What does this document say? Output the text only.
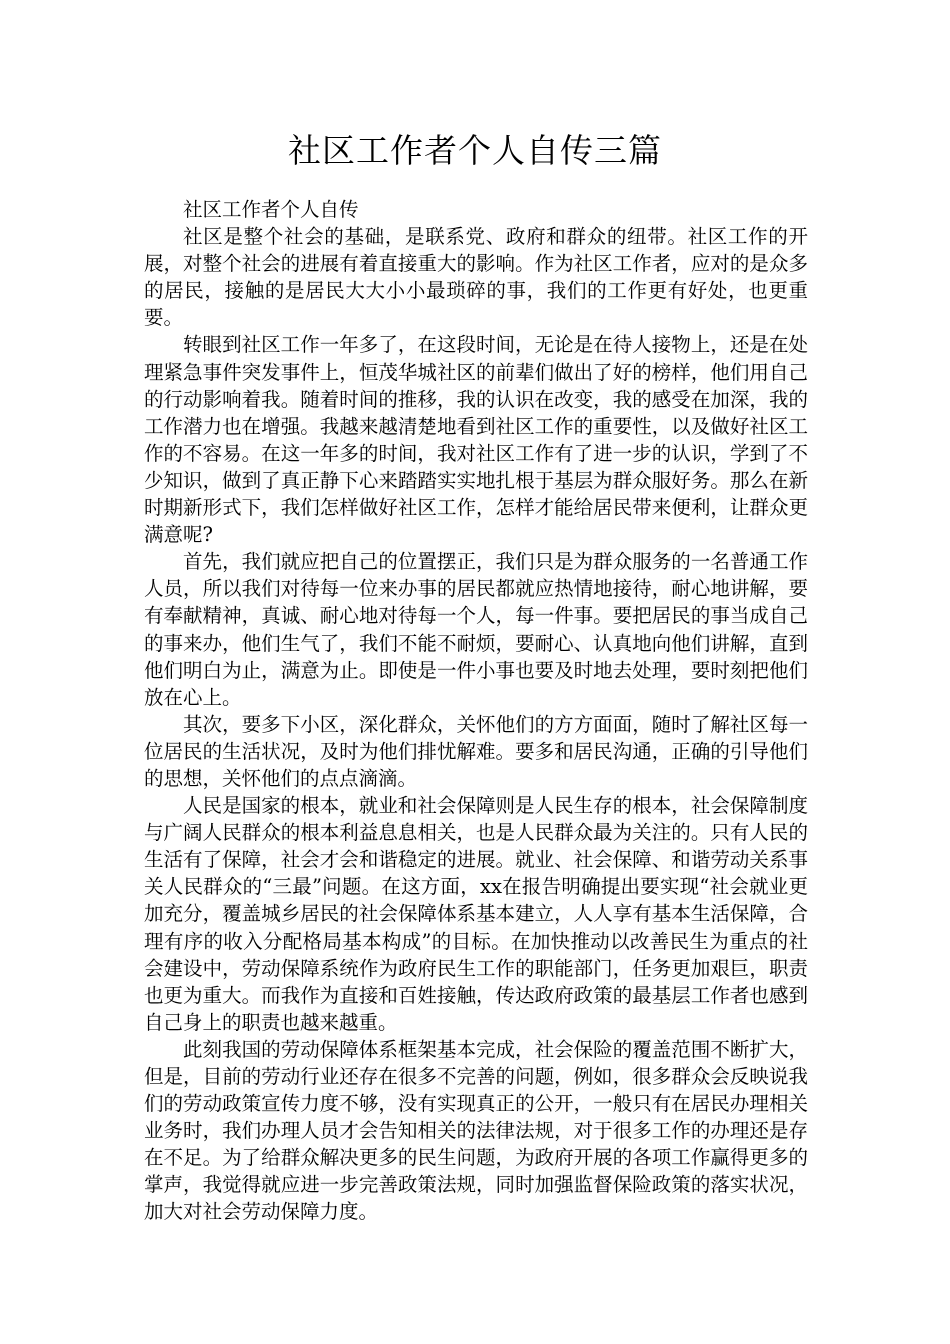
社区工作者个人自传三篇

社区工作者个人自传

社区是整个社会的基础，是联系党、政府和群众的纽带。社区工作的开展，对整个社会的进展有着直接重大的影响。作为社区工作者，应对的是众多的居民，接触的是居民大大小小最琐碎的事，我们的工作更有好处，也更重要。

转眼到社区工作一年多了，在这段时间，无论是在待人接物上，还是在处理紧急事件突发事件上，恒茂华城社区的前辈们做出了好的榜样，他们用自己的行动影响着我。随着时间的推移，我的认识在改变，我的感受在加深，我的工作潜力也在增强。我越来越清楚地看到社区工作的重要性，以及做好社区工作的不容易。在这一年多的时间，我对社区工作有了进一步的认识，学到了不少知识，做到了真正静下心来踏踏实实地扎根于基层为群众服好务。那么在新时期新形式下，我们怎样做好社区工作，怎样才能给居民带来便利，让群众更满意呢?

首先，我们就应把自己的位置摆正，我们只是为群众服务的一名普通工作人员，所以我们对待每一位来办事的居民都就应热情地接待，耐心地讲解，要有奉献精神，真诚、耐心地对待每一个人，每一件事。要把居民的事当成自己的事来办，他们生气了，我们不能不耐烦，要耐心、认真地向他们讲解，直到他们明白为止，满意为止。即使是一件小事也要及时地去处理，要时刻把他们放在心上。

其次，要多下小区，深化群众，关怀他们的方方面面，随时了解社区每一位居民的生活状况，及时为他们排忧解难。要多和居民沟通，正确的引导他们的思想，关怀他们的点点滴滴。

人民是国家的根本，就业和社会保障则是人民生存的根本，社会保障制度与广阔人民群众的根本利益息息相关，也是人民群众最为关注的。只有人民的生活有了保障，社会才会和谐稳定的进展。就业、社会保障、和谐劳动关系事关人民群众的“三最”问题。在这方面，xx在报告明确提出要实现“社会就业更加充分，覆盖城乡居民的社会保障体系基本建立，人人享有基本生活保障，合理有序的收入分配格局基本构成”的目标。在加快推动以改善民生为重点的社会建设中，劳动保障系统作为政府民生工作的职能部门，任务更加艰巨，职责也更为重大。而我作为直接和百姓接触，传达政府政策的最基层工作者也感到自己身上的职责也越来越重。

此刻我国的劳动保障体系框架基本完成，社会保险的覆盖范围不断扩大，但是，目前的劳动行业还存在很多不完善的问题，例如，很多群众会反映说我们的劳动政策宣传力度不够，没有实现真正的公开，一般只有在居民办理相关业务时，我们办理人员才会告知相关的法律法规，对于很多工作的办理还是存在不足。为了给群众解决更多的民生问题，为政府开展的各项工作赢得更多的掌声，我觉得就应进一步完善政策法规，同时加强监督保险政策的落实状况，加大对社会劳动保障力度。
